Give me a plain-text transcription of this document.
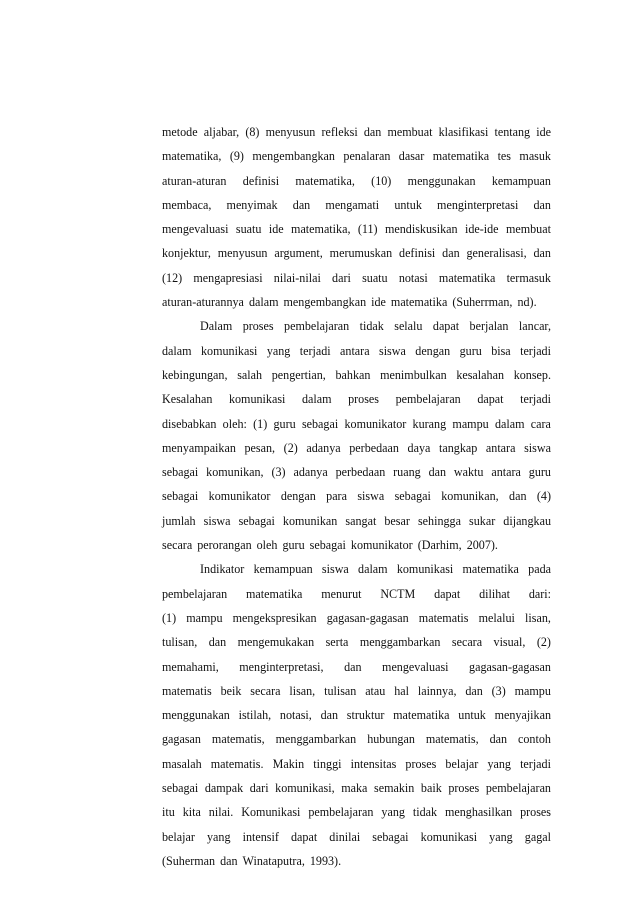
metode aljabar, (8) menyusun refleksi dan membuat klasifikasi tentang ide
matematika, (9) mengembangkan penalaran dasar matematika tes masuk
aturan-aturan definisi matematika, (10) menggunakan kemampuan
membaca, menyimak dan mengamati untuk menginterpretasi dan
mengevaluasi suatu ide matematika, (11) mendiskusikan ide-ide membuat
konjektur, menyusun argument, merumuskan definisi dan generalisasi, dan
(12) mengapresiasi nilai-nilai dari suatu notasi matematika termasuk
aturan-aturannya dalam mengembangkan ide matematika (Suherrman, nd).
Dalam proses pembelajaran tidak selalu dapat berjalan lancar,
dalam komunikasi yang terjadi antara siswa dengan guru bisa terjadi
kebingungan, salah pengertian, bahkan menimbulkan kesalahan konsep.
Kesalahan komunikasi dalam proses pembelajaran dapat terjadi
disebabkan oleh: (1) guru sebagai komunikator kurang mampu dalam cara
menyampaikan pesan, (2) adanya perbedaan daya tangkap antara siswa
sebagai komunikan, (3) adanya perbedaan ruang dan waktu antara guru
sebagai komunikator dengan para siswa sebagai komunikan, dan (4)
jumlah siswa sebagai komunikan sangat besar sehingga sukar dijangkau
secara perorangan oleh guru sebagai komunikator (Darhim, 2007).
Indikator kemampuan siswa dalam komunikasi matematika pada
pembelajaran matematika menurut NCTM dapat dilihat dari:
(1) mampu mengekspresikan gagasan-gagasan matematis melalui lisan,
tulisan, dan mengemukakan serta menggambarkan secara visual, (2)
memahami, menginterpretasi, dan mengevaluasi gagasan-gagasan
matematis beik secara lisan, tulisan atau hal lainnya, dan (3) mampu
menggunakan istilah, notasi, dan struktur matematika untuk menyajikan
gagasan matematis, menggambarkan hubungan matematis, dan contoh
masalah matematis. Makin tinggi intensitas proses belajar yang terjadi
sebagai dampak dari komunikasi, maka semakin baik proses pembelajaran
itu kita nilai. Komunikasi pembelajaran yang tidak menghasilkan proses
belajar yang intensif dapat dinilai sebagai komunikasi yang gagal
(Suherman dan Winataputra, 1993).
